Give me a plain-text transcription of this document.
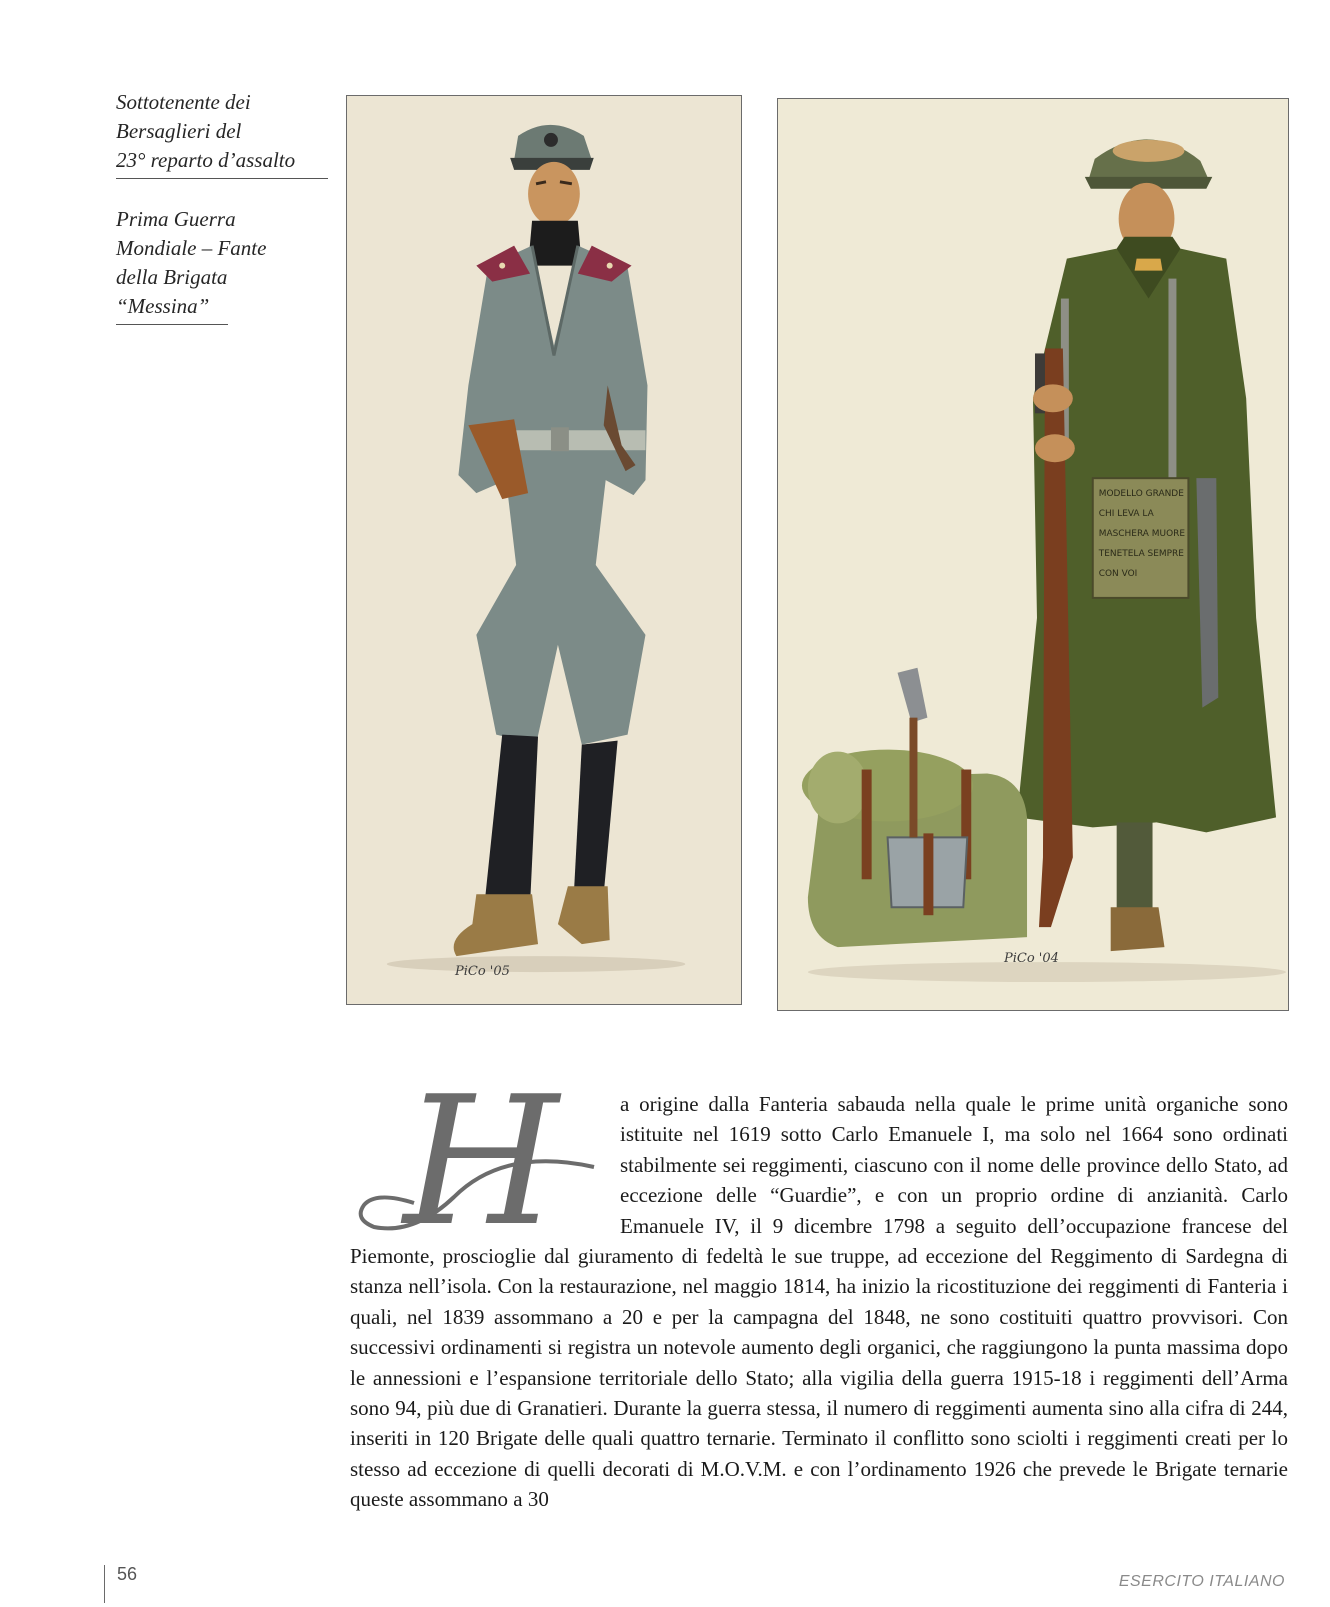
Sottotenente dei
Bersaglieri del
23° reparto d’assalto

Prima Guerra
Mondiale – Fante
della Brigata
“Messina”

PiCo '05
MODELLO GRANDE
CHI LEVA LA
MASCHERA MUORE
TENETELA SEMPRE
CON VOI
PiCo '04
H	a origine dalla Fanteria sabauda nella quale le prime unità organiche sono istituite nel 1619 sotto Carlo Emanuele I, ma solo nel 1664 sono ordinati stabilmente sei reggimenti, ciascuno con il nome delle province dello Stato, ad eccezione delle “Guardie”, e con un proprio ordine di anzianità. Carlo Emanuele IV, il 9 dicembre 1798 a seguito dell’occupazione francese del Piemonte, proscioglie dal giuramento di fedeltà le sue truppe, ad eccezione del Reggimento di Sardegna di stanza nell’isola. Con la restaurazione, nel maggio 1814, ha inizio la ricostituzione dei reggimenti di Fanteria i quali, nel 1839 assommano a 20 e per la campagna del 1848, ne sono costituiti quattro provvisori. Con successivi ordinamenti si registra un notevole aumento degli organici, che raggiungono la punta massima dopo le annessioni e l’espansione territoriale dello Stato; alla vigilia della guerra 1915-18 i reggimenti dell’Arma sono 94, più due di Granatieri. Durante la guerra stessa, il numero di reggimenti aumenta sino alla cifra di 244, inseriti in 120 Brigate delle quali quattro ternarie. Terminato il conflitto sono sciolti i reggimenti creati per lo stesso ad eccezione di quelli decorati di M.O.V.M. e con l’ordinamento 1926 che prevede le Brigate ternarie queste assommano a 30

56	ESERCITO ITALIANO
